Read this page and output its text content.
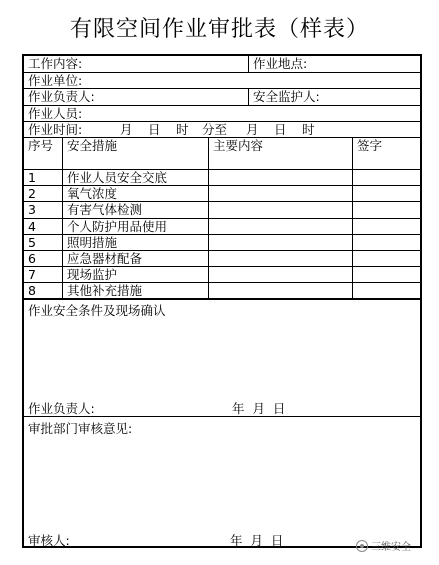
有限空间作业审批表（样表）
工作内容:	作业地点:
作业单位:
作业负责人:	安全监护人:
作业人员:
作业时间:	月 日 时 分至 月 日 时
序号	安全措施	主要内容	签字
1	作业人员安全交底
2	氧气浓度
3	有害气体检测
4	个人防护用品使用
5	照明措施
6	应急器材配备
7	现场监护
8	其他补充措施
作业安全条件及现场确认
作业负责人:	年  月  日
审批部门审核意见:
审核人:	年  月  日	三维安全
